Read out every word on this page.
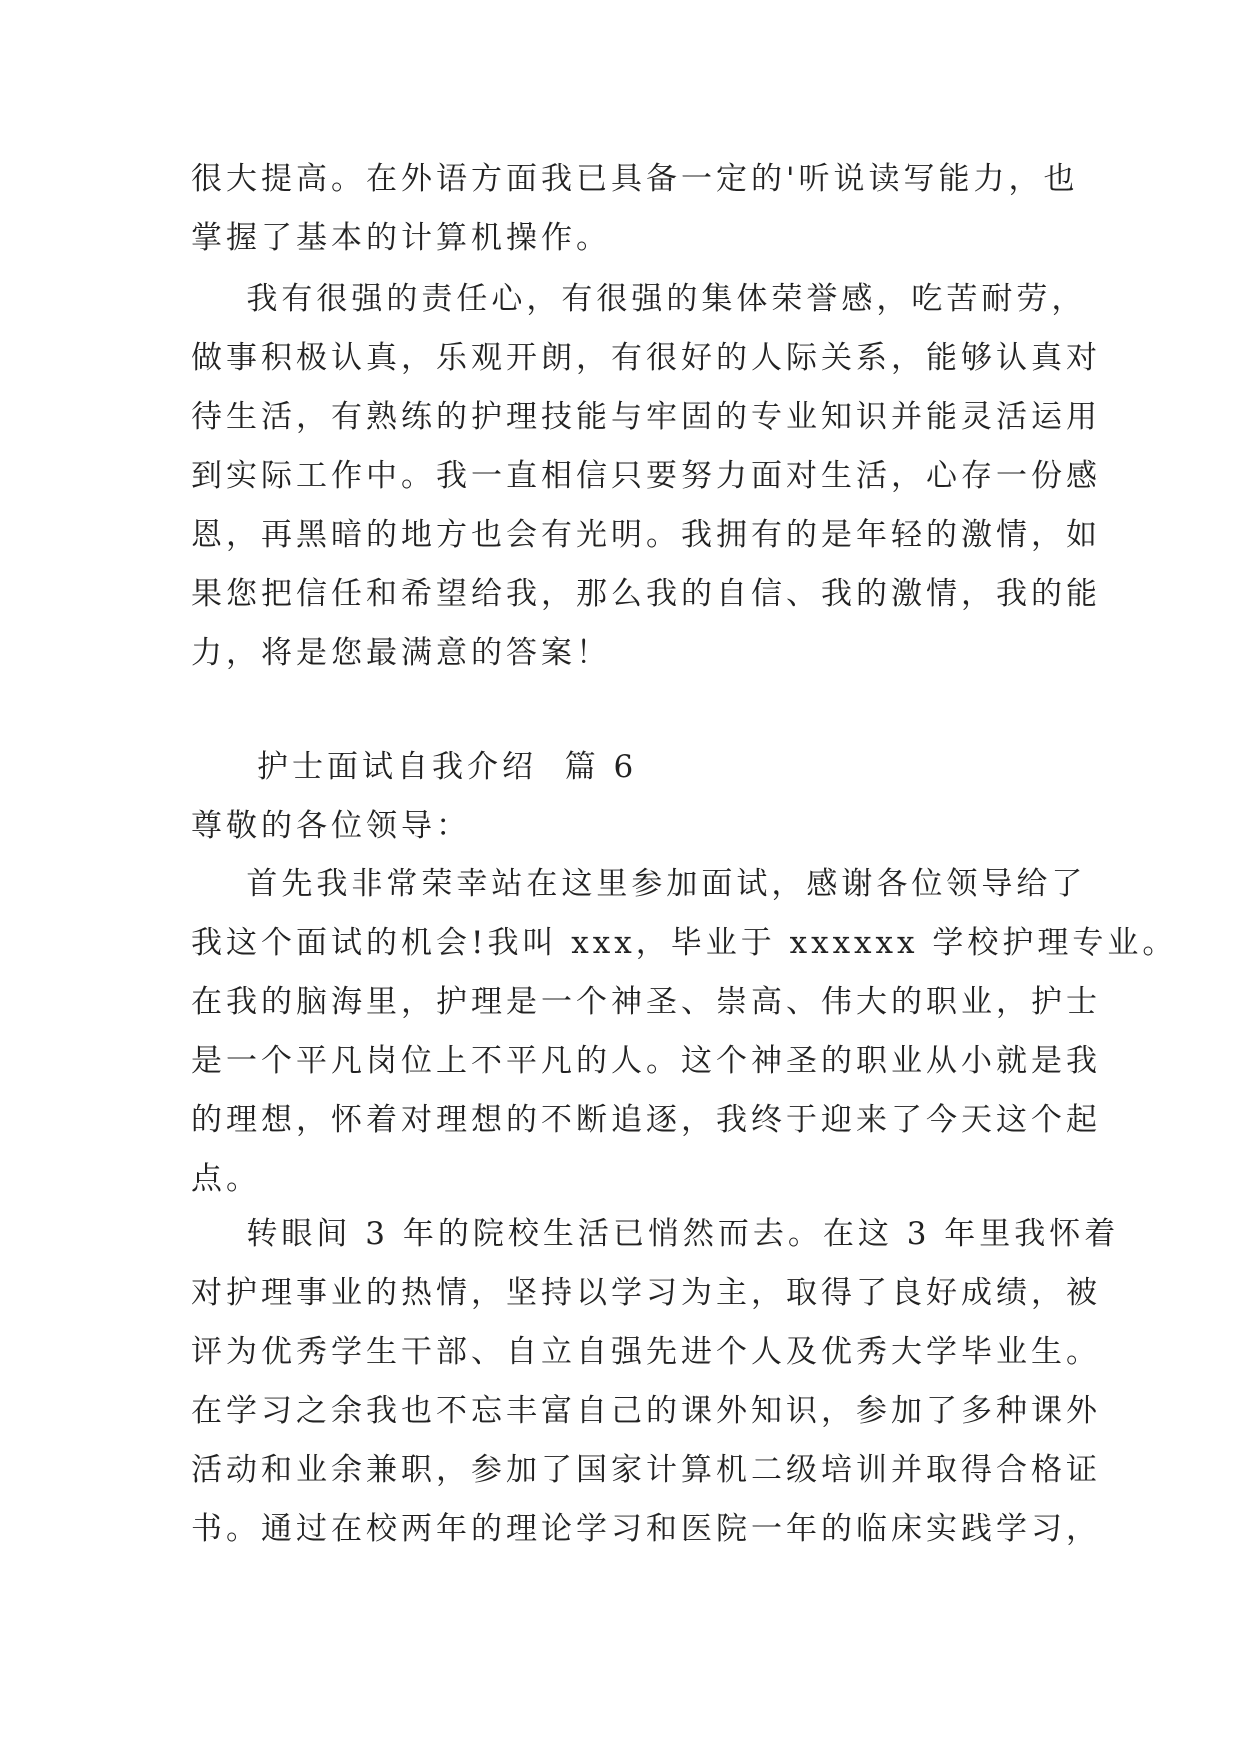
很大提高。在外语方面我已具备一定的'听说读写能力，也
掌握了基本的计算机操作。
我有很强的责任心，有很强的集体荣誉感，吃苦耐劳，
做事积极认真，乐观开朗，有很好的人际关系，能够认真对
待生活，有熟练的护理技能与牢固的专业知识并能灵活运用
到实际工作中。我一直相信只要努力面对生活，心存一份感
恩，再黑暗的地方也会有光明。我拥有的是年轻的激情，如
果您把信任和希望给我，那么我的自信、我的激情，我的能
力，将是您最满意的答案！
护士面试自我介绍  篇 6
尊敬的各位领导：
首先我非常荣幸站在这里参加面试，感谢各位领导给了
我这个面试的机会!我叫 xxx，毕业于 xxxxxx 学校护理专业。
在我的脑海里，护理是一个神圣、崇高、伟大的职业，护士
是一个平凡岗位上不平凡的人。这个神圣的职业从小就是我
的理想，怀着对理想的不断追逐，我终于迎来了今天这个起
点。
转眼间 3 年的院校生活已悄然而去。在这 3 年里我怀着
对护理事业的热情，坚持以学习为主，取得了良好成绩，被
评为优秀学生干部、自立自强先进个人及优秀大学毕业生。
在学习之余我也不忘丰富自己的课外知识，参加了多种课外
活动和业余兼职，参加了国家计算机二级培训并取得合格证
书。通过在校两年的理论学习和医院一年的临床实践学习，
